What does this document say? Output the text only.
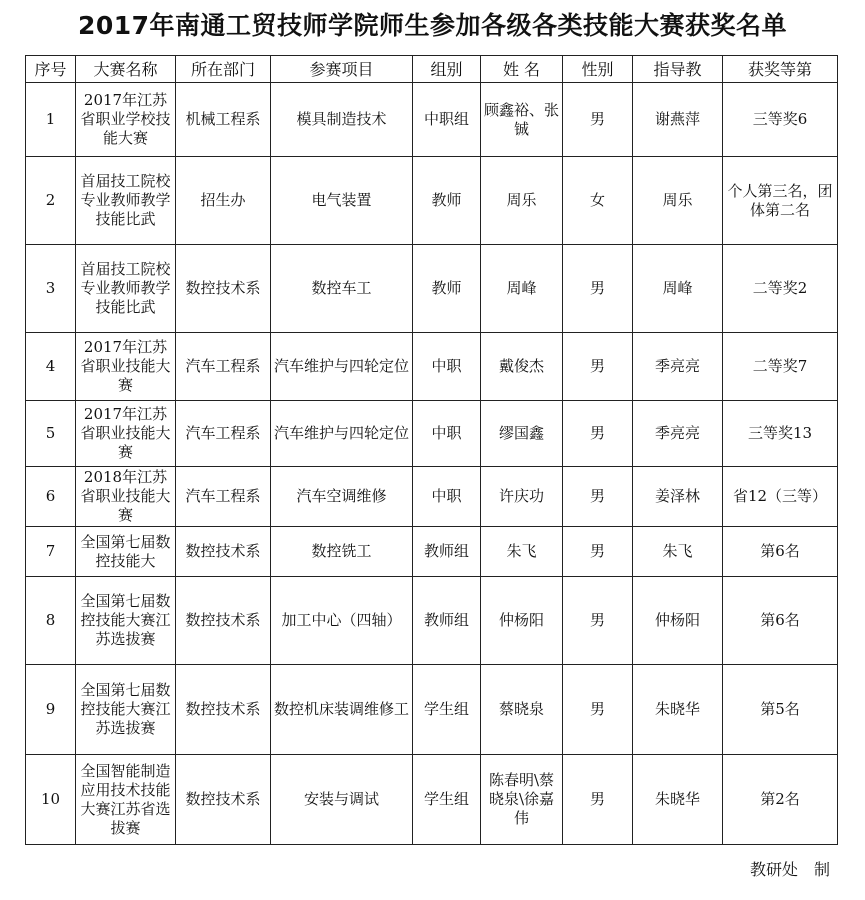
2017年南通工贸技师学院师生参加各级各类技能大赛获奖名单
序号	大赛名称	所在部门	参赛项目	组别	姓 名	性别	指导教	获奖等第
1	2017年江苏省职业学校技能大赛	机械工程系	模具制造技术	中职组	顾鑫裕、张铖	男	谢燕萍	三等奖6
2	首届技工院校专业教师教学技能比武	招生办	电气装置	教师	周乐	女	周乐	个人第三名，团体第二名
3	首届技工院校专业教师教学技能比武	数控技术系	数控车工	教师	周峰	男	周峰	二等奖2
4	2017年江苏省职业技能大赛	汽车工程系	汽车维护与四轮定位	中职	戴俊杰	男	季亮亮	二等奖7
5	2017年江苏省职业技能大赛	汽车工程系	汽车维护与四轮定位	中职	缪国鑫	男	季亮亮	三等奖13
6	2018年江苏省职业技能大赛	汽车工程系	汽车空调维修	中职	许庆功	男	姜泽林	省12（三等）
7	全国第七届数控技能大	数控技术系	数控铣工	教师组	朱飞	男	朱飞	第6名
8	全国第七届数控技能大赛江苏选拔赛	数控技术系	加工中心（四轴）	教师组	仲杨阳	男	仲杨阳	第6名
9	全国第七届数控技能大赛江苏选拔赛	数控技术系	数控机床装调维修工	学生组	蔡晓泉	男	朱晓华	第5名
10	全国智能制造应用技术技能大赛江苏省选拔赛	数控技术系	安装与调试	学生组	陈春明\蔡晓泉\徐嘉伟	男	朱晓华	第2名
教研处　制
